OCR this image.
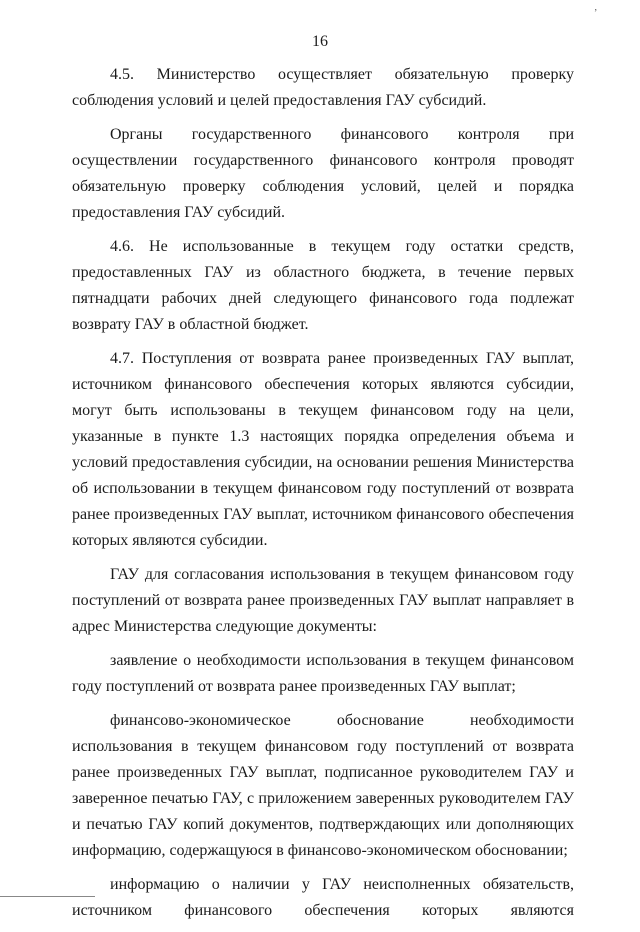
16
ʼ

4.5. Министерство осуществляет обязательную проверку соблюдения условий и целей предоставления ГАУ субсидий.

Органы государственного финансового контроля при осуществлении государственного финансового контроля проводят обязательную проверку соблюдения условий, целей и порядка предоставления ГАУ субсидий.

4.6. Не использованные в текущем году остатки средств, предоставленных ГАУ из областного бюджета, в течение первых пятнадцати рабочих дней следующего финансового года подлежат возврату ГАУ в областной бюджет.

4.7. Поступления от возврата ранее произведенных ГАУ выплат, источником финансового обеспечения которых являются субсидии, могут быть использованы в текущем финансовом году на цели, указанные в пункте 1.3 настоящих порядка определения объема и условий предоставления субсидии, на основании решения Министерства об использовании в текущем финансовом году поступлений от возврата ранее произведенных ГАУ выплат, источником финансового обеспечения которых являются субсидии.

ГАУ для согласования использования в текущем финансовом году поступлений от возврата ранее произведенных ГАУ выплат направляет в адрес Министерства следующие документы:

заявление о необходимости использования в текущем финансовом году поступлений от возврата ранее произведенных ГАУ выплат;

финансово-экономическое обоснование необходимости использования в текущем финансовом году поступлений от возврата ранее произведенных ГАУ выплат, подписанное руководителем ГАУ и заверенное печатью ГАУ, с приложением заверенных руководителем ГАУ и печатью ГАУ копий документов, подтверждающих или дополняющих информацию, содержащуюся в финансово-экономическом обосновании;

информацию о наличии у ГАУ неисполненных обязательств, источником финансового обеспечения которых являются
